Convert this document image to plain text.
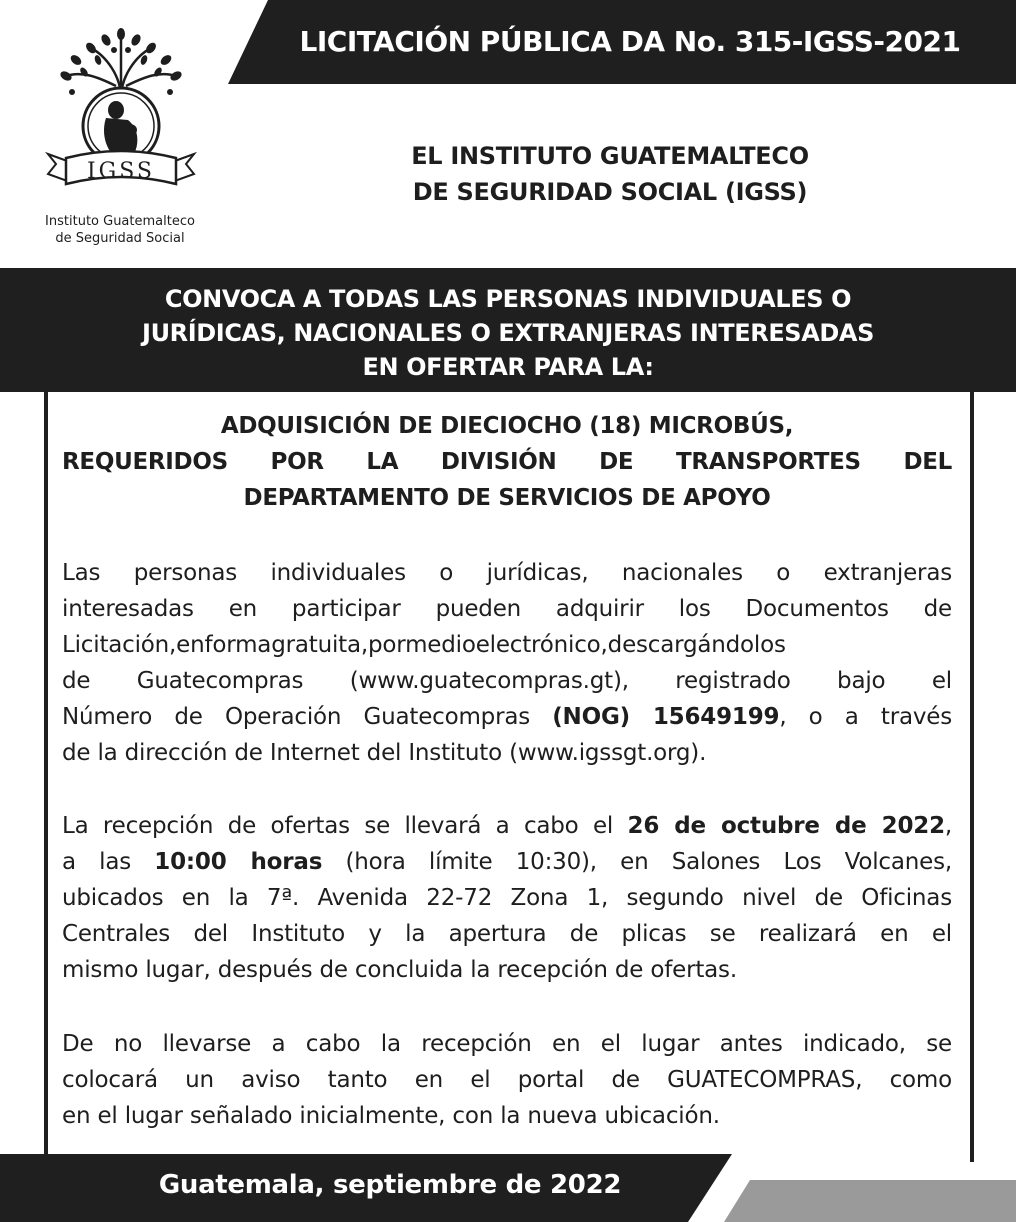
LICITACIÓN PÚBLICA DA No. 315-IGSS-2021
IGSS
Instituto Guatemalteco
de Seguridad Social
EL INSTITUTO GUATEMALTECO
DE SEGURIDAD SOCIAL (IGSS)
CONVOCA A TODAS LAS PERSONAS INDIVIDUALES O
JURÍDICAS, NACIONALES O EXTRANJERAS INTERESADAS
EN OFERTAR PARA LA:
ADQUISICIÓN DE DIECIOCHO (18) MICROBÚS,
REQUERIDOS POR LA DIVISIÓN DE TRANSPORTES DEL
DEPARTAMENTO DE SERVICIOS DE APOYO
Las personas individuales o jurídicas, nacionales o extranjeras
interesadas en participar pueden adquirir los Documentos de
Licitación,enformagratuita,pormedioelectrónico,descargándolos
de Guatecompras (www.guatecompras.gt), registrado bajo el
Número de Operación Guatecompras (NOG) 15649199, o a través
de la dirección de Internet del Instituto (www.igssgt.org).
La recepción de ofertas se llevará a cabo el 26 de octubre de 2022,
a las 10:00 horas (hora límite 10:30), en Salones Los Volcanes,
ubicados en la 7ª. Avenida 22-72 Zona 1, segundo nivel de Oficinas
Centrales del Instituto y la apertura de plicas se realizará en el
mismo lugar, después de concluida la recepción de ofertas.
De no llevarse a cabo la recepción en el lugar antes indicado, se
colocará un aviso tanto en el portal de GUATECOMPRAS, como
en el lugar señalado inicialmente, con la nueva ubicación.
Guatemala, septiembre de 2022
